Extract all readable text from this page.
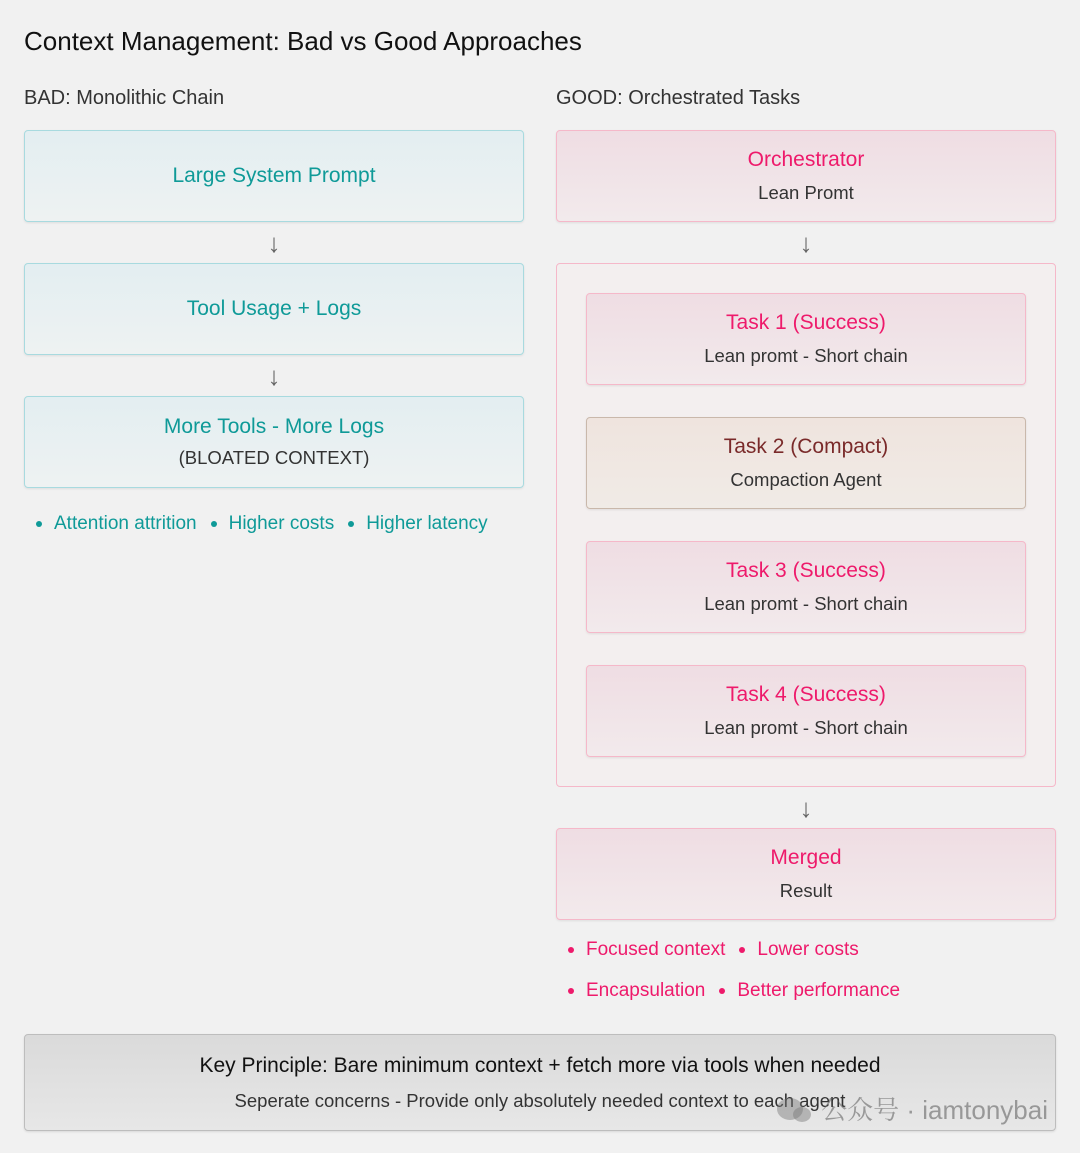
Context Management: Bad vs Good Approaches
BAD: Monolithic Chain
Large System Prompt
↓
Tool Usage + Logs
↓
More Tools - More Logs
(BLOATED CONTEXT)
Attention attrition Higher costs Higher latency
GOOD: Orchestrated Tasks
Orchestrator
Lean Promt
↓
Task 1 (Success)
Lean promt - Short chain
Task 2 (Compact)
Compaction Agent
Task 3 (Success)
Lean promt - Short chain
Task 4 (Success)
Lean promt - Short chain
↓
Merged
Result
Focused context Lower costs
Encapsulation Better performance
Key Principle: Bare minimum context + fetch more via tools when needed
Seperate concerns - Provide only absolutely needed context to each agent
公众号 · iamtonybai
